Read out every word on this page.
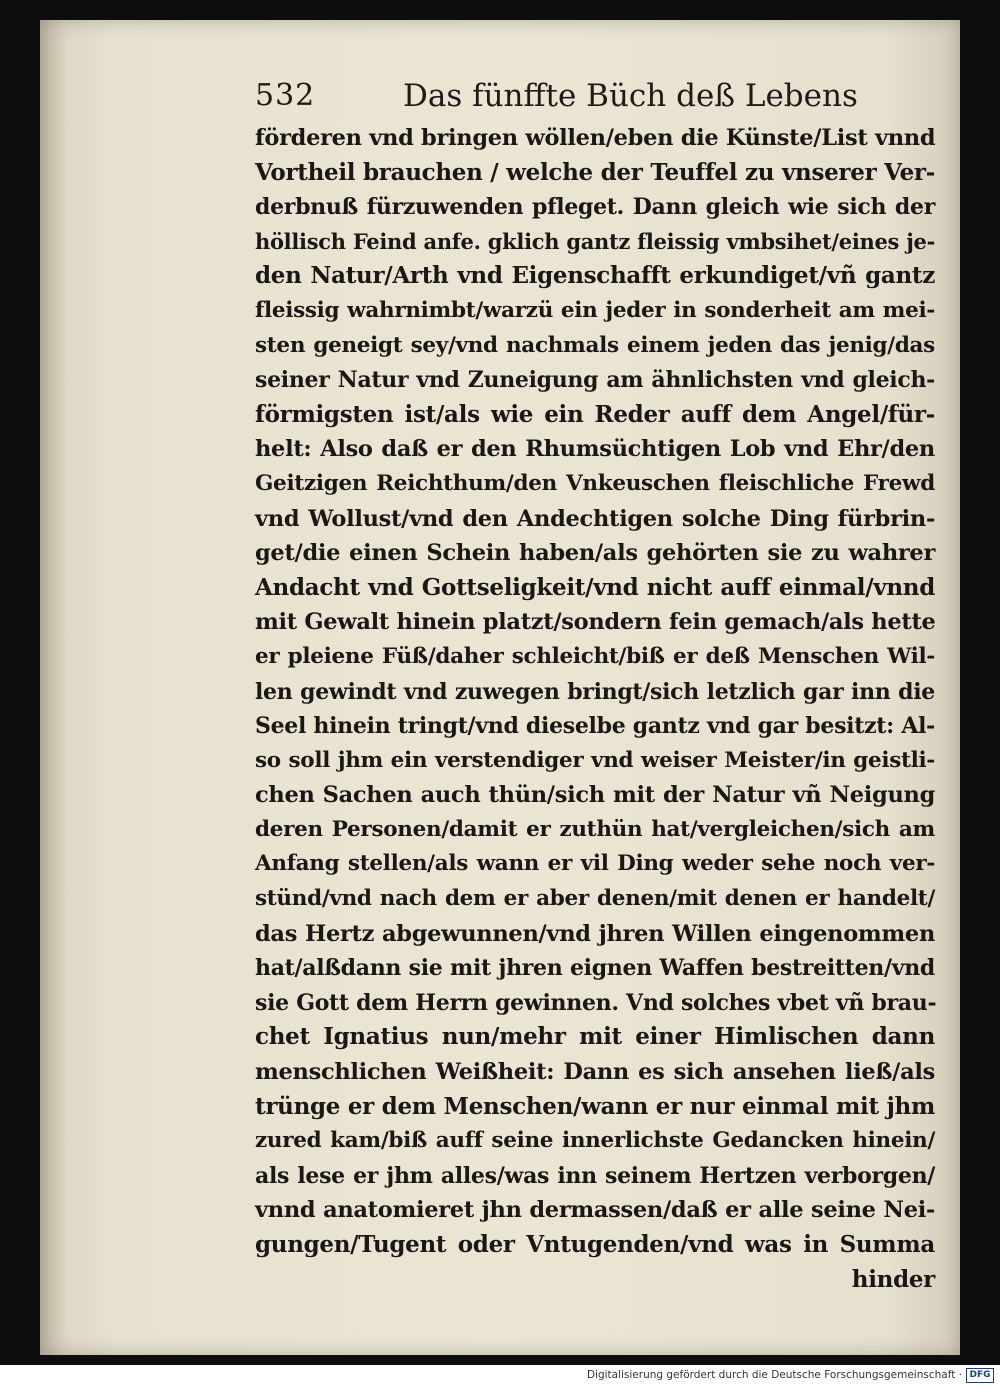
532	Das fünffte Büch deß Lebens
förderen vnd bringen wöllen/eben die Künste/List vnnd
Vortheil brauchen / welche der Teuffel zu vnserer Ver-
derbnuß fürzuwenden pfleget. Dann gleich wie sich der
höllisch Feind anfe. gklich gantz fleissig vmbsihet/eines je-
den Natur/Arth vnd Eigenschafft erkundiget/vñ gantz
fleissig wahrnimbt/warzü ein jeder in sonderheit am mei-
sten geneigt sey/vnd nachmals einem jeden das jenig/das
seiner Natur vnd Zuneigung am ähnlichsten vnd gleich-
förmigsten ist/als wie ein Reder auff dem Angel/für-
helt: Also daß er den Rhumsüchtigen Lob vnd Ehr/den
Geitzigen Reichthum/den Vnkeuschen fleischliche Frewd
vnd Wollust/vnd den Andechtigen solche Ding fürbrin-
get/die einen Schein haben/als gehörten sie zu wahrer
Andacht vnd Gottseligkeit/vnd nicht auff einmal/vnnd
mit Gewalt hinein platzt/sondern fein gemach/als hette
er pleiene Füß/daher schleicht/biß er deß Menschen Wil-
len gewindt vnd zuwegen bringt/sich letzlich gar inn die
Seel hinein tringt/vnd dieselbe gantz vnd gar besitzt: Al-
so soll jhm ein verstendiger vnd weiser Meister/in geistli-
chen Sachen auch thün/sich mit der Natur vñ Neigung
deren Personen/damit er zuthün hat/vergleichen/sich am
Anfang stellen/als wann er vil Ding weder sehe noch ver-
stünd/vnd nach dem er aber denen/mit denen er handelt/
das Hertz abgewunnen/vnd jhren Willen eingenommen
hat/alßdann sie mit jhren eignen Waffen bestreitten/vnd
sie Gott dem Herrn gewinnen. Vnd solches vbet vñ brau-
chet Ignatius nun/mehr mit einer Himlischen dann
menschlichen Weißheit: Dann es sich ansehen ließ/als
trünge er dem Menschen/wann er nur einmal mit jhm
zured kam/biß auff seine innerlichste Gedancken hinein/
als lese er jhm alles/was inn seinem Hertzen verborgen/
vnnd anatomieret jhn dermassen/daß er alle seine Nei-
gungen/Tugent oder Vntugenden/vnd was in Summa
hinder
Digitalisierung gefördert durch die Deutsche Forschungsgemeinschaft · DFG
